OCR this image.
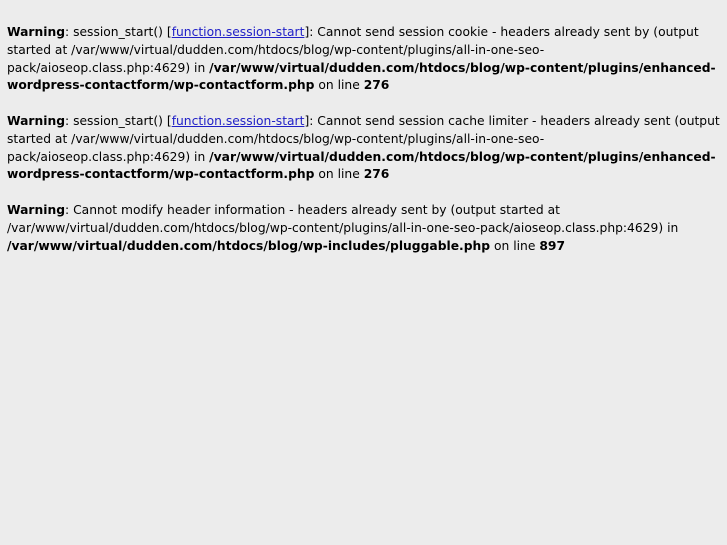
Warning: session_start() [function.session-start]: Cannot send session cookie - headers already sent by (output started at /var/www/virtual/dudden.com/htdocs/blog/wp-content/plugins/all-in-one-seo-pack/aioseop.class.php:4629) in /var/www/virtual/dudden.com/htdocs/blog/wp-content/plugins/enhanced-wordpress-contactform/wp-contactform.php on line 276

Warning: session_start() [function.session-start]: Cannot send session cache limiter - headers already sent (output started at /var/www/virtual/dudden.com/htdocs/blog/wp-content/plugins/all-in-one-seo-pack/aioseop.class.php:4629) in /var/www/virtual/dudden.com/htdocs/blog/wp-content/plugins/enhanced-wordpress-contactform/wp-contactform.php on line 276

Warning: Cannot modify header information - headers already sent by (output started at /var/www/virtual/dudden.com/htdocs/blog/wp-content/plugins/all-in-one-seo-pack/aioseop.class.php:4629) in /var/www/virtual/dudden.com/htdocs/blog/wp-includes/pluggable.php on line 897
